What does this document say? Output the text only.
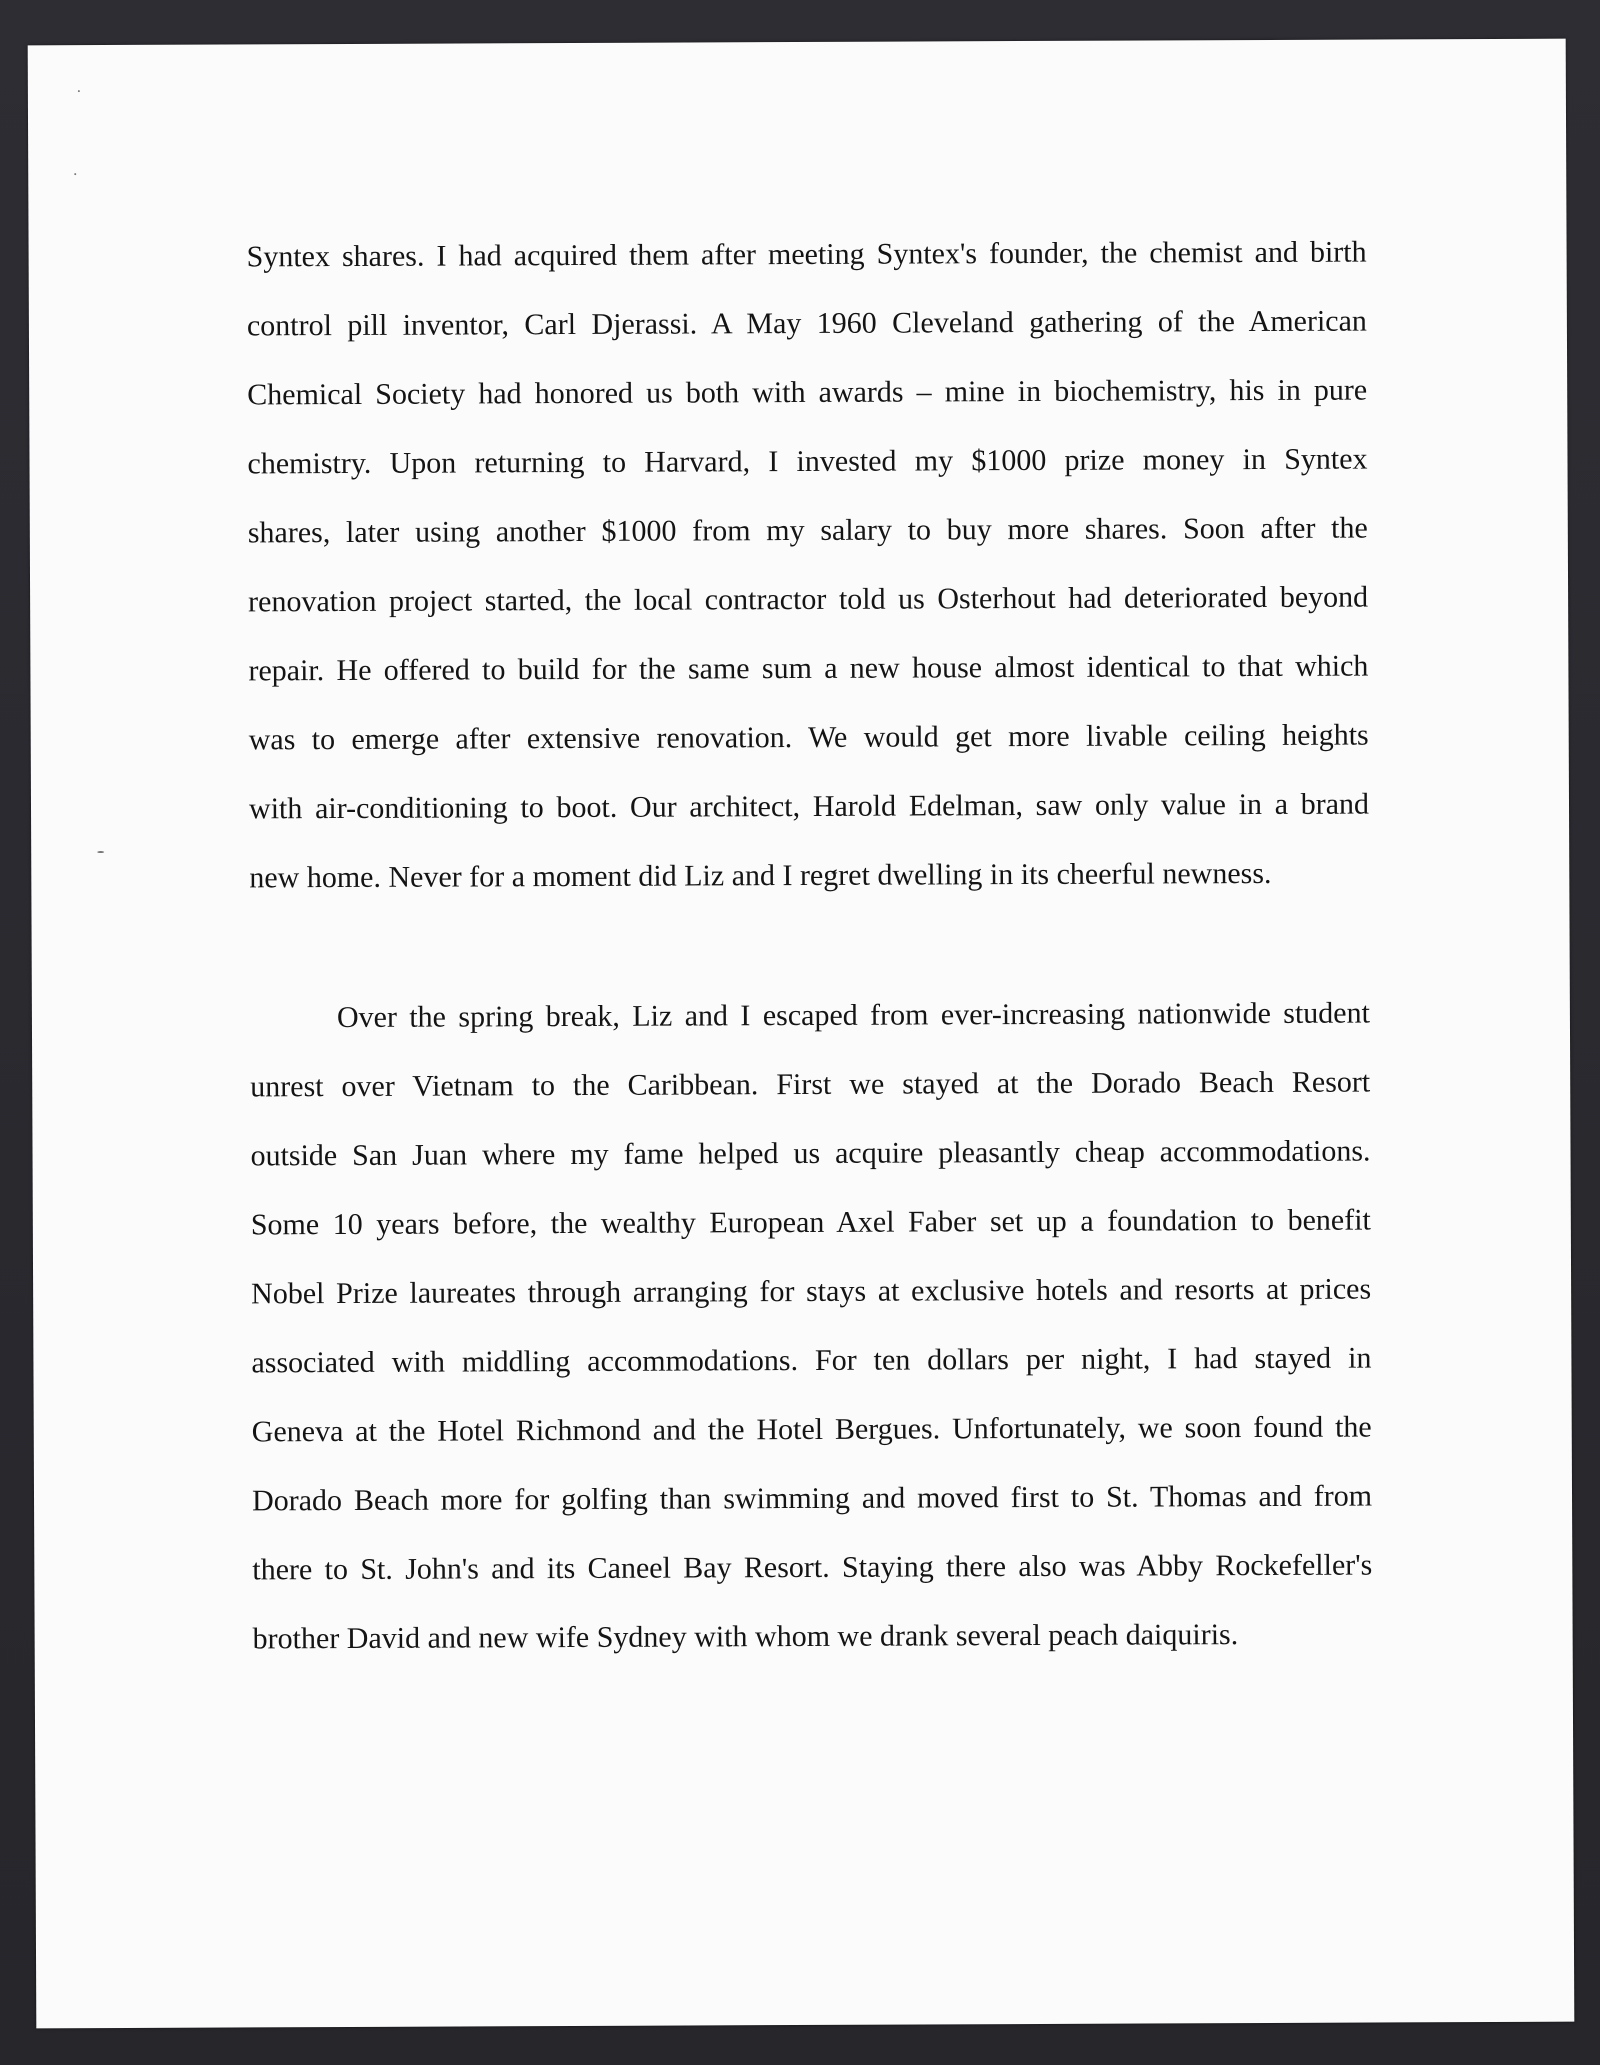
Syntex shares. I had acquired them after meeting Syntex's founder, the chemist and birth
control pill inventor, Carl Djerassi. A May 1960 Cleveland gathering of the American
Chemical Society had honored us both with awards – mine in biochemistry, his in pure
chemistry. Upon returning to Harvard, I invested my $1000 prize money in Syntex
shares, later using another $1000 from my salary to buy more shares. Soon after the
renovation project started, the local contractor told us Osterhout had deteriorated beyond
repair. He offered to build for the same sum a new house almost identical to that which
was to emerge after extensive renovation. We would get more livable ceiling heights
with air-conditioning to boot. Our architect, Harold Edelman, saw only value in a brand
new home. Never for a moment did Liz and I regret dwelling in its cheerful newness.
Over the spring break, Liz and I escaped from ever-increasing nationwide student
unrest over Vietnam to the Caribbean. First we stayed at the Dorado Beach Resort
outside San Juan where my fame helped us acquire pleasantly cheap accommodations.
Some 10 years before, the wealthy European Axel Faber set up a foundation to benefit
Nobel Prize laureates through arranging for stays at exclusive hotels and resorts at prices
associated with middling accommodations. For ten dollars per night, I had stayed in
Geneva at the Hotel Richmond and the Hotel Bergues. Unfortunately, we soon found the
Dorado Beach more for golfing than swimming and moved first to St. Thomas and from
there to St. John's and its Caneel Bay Resort. Staying there also was Abby Rockefeller's
brother David and new wife Sydney with whom we drank several peach daiquiris.
